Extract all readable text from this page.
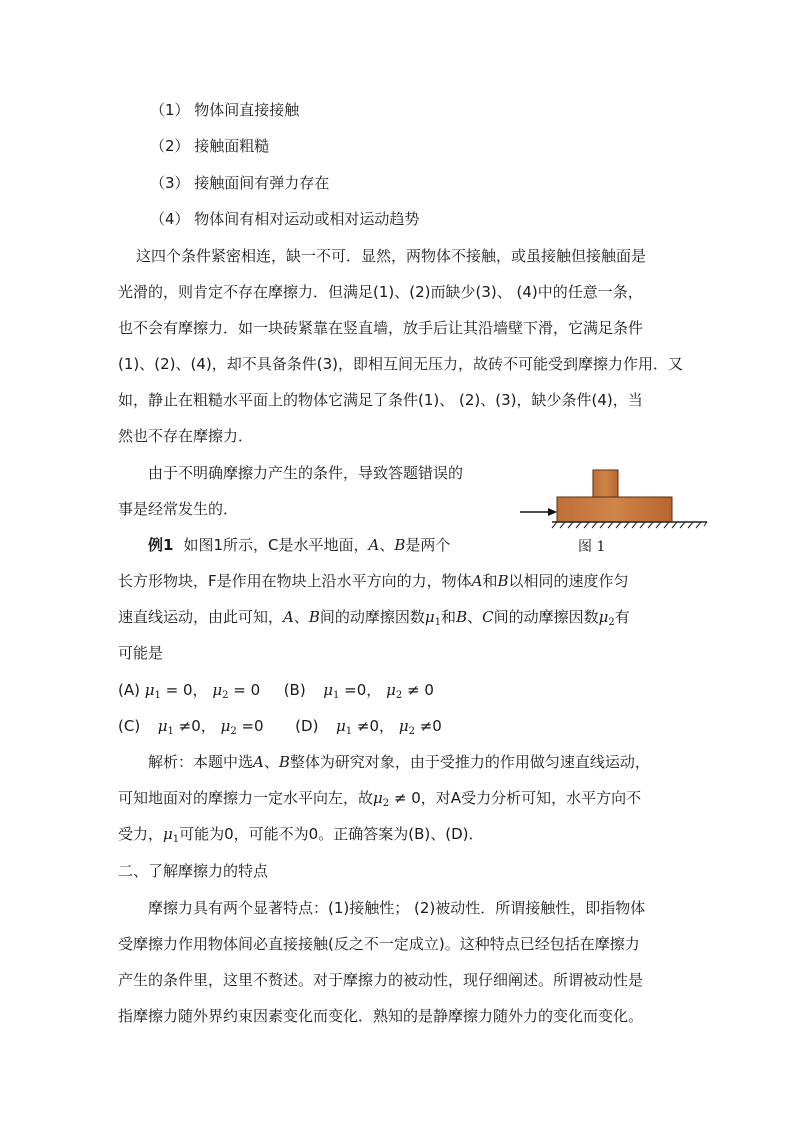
（1） 物体间直接接触
（2） 接触面粗糙
（3） 接触面间有弹力存在
（4） 物体间有相对运动或相对运动趋势
这四个条件紧密相连，缺一不可．显然，两物体不接触，或虽接触但接触面是
光滑的，则肯定不存在摩擦力．但满足(1)、(2)而缺少(3)、 (4)中的任意一条，
也不会有摩擦力．如一块砖紧靠在竖直墙，放手后让其沿墙壁下滑，它满足条件
(1)、(2)、(4)，却不具备条件(3)，即相互间无压力，故砖不可能受到摩擦力作用．又
如，静止在粗糙水平面上的物体它满足了条件(1)、 (2)、(3)，缺少条件(4)，当
然也不存在摩擦力．
由于不明确摩擦力产生的条件，导致答题错误的
事是经常发生的．
图 1
例1 如图1所示，C是水平地面，A、B是两个
长方形物块，F是作用在物块上沿水平方向的力，物体A和B以相同的速度作匀
速直线运动，由此可知，A、B间的动摩擦因数$\mu_1$和B、C间的动摩擦因数$\mu_2$有
可能是
(A) $\mu_1 = 0$， $\mu_2 = 0$ (B) $\mu_1 =0$， $\mu_2 \ne 0$
(C) $\mu_1 \ne 0$， $\mu_2 =0$ (D) $\mu_1 \ne 0$， $\mu_2 \ne 0$
解析：本题中选A、B整体为研究对象，由于受推力的作用做匀速直线运动，
可知地面对的摩擦力一定水平向左，故$\mu_2 \ne 0$，对A受力分析可知，水平方向不
受力，$\mu_1$可能为0，可能不为0。正确答案为(B)、(D)．
二、了解摩擦力的特点
摩擦力具有两个显著特点：(1)接触性； (2)被动性．所谓接触性，即指物体
受摩擦力作用物体间必直接接触(反之不一定成立)。这种特点已经包括在摩擦力
产生的条件里，这里不赘述。对于摩擦力的被动性，现仔细阐述。所谓被动性是
指摩擦力随外界约束因素变化而变化．熟知的是静摩擦力随外力的变化而变化。
